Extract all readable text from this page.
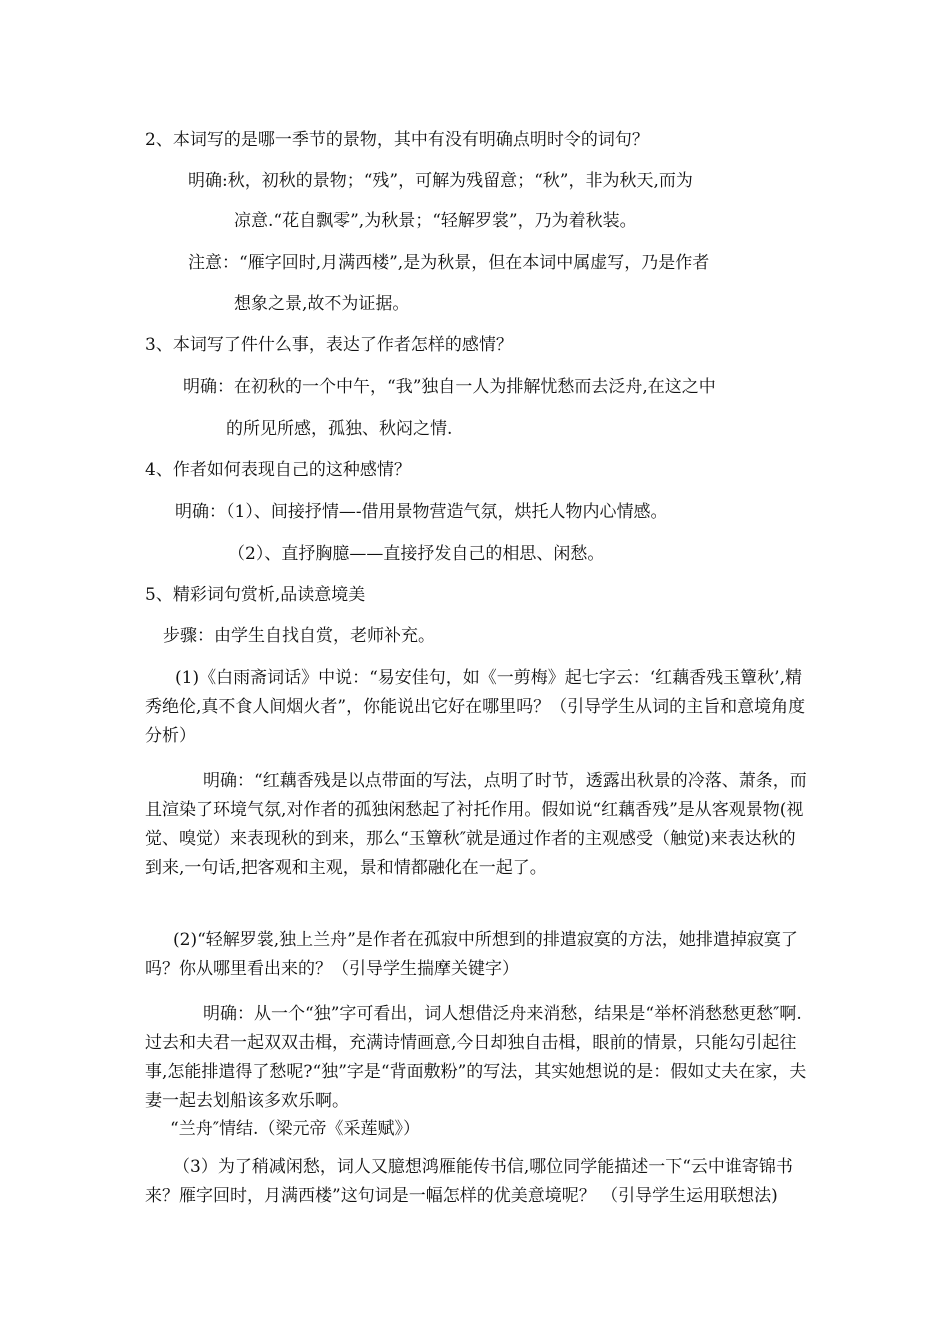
2、本词写的是哪一季节的景物，其中有没有明确点明时令的词句？
明确:秋，初秋的景物；“残”，可解为残留意；“秋”，非为秋天,而为
凉意.“花自飘零”,为秋景；“轻解罗裳”，乃为着秋装。
注意：“雁字回时,月满西楼”,是为秋景，但在本词中属虚写，乃是作者
想象之景,故不为证据。
3、本词写了件什么事，表达了作者怎样的感情？
明确：在初秋的一个中午，“我”独自一人为排解忧愁而去泛舟,在这之中
的所见所感，孤独、秋闷之情.
4、作者如何表现自己的这种感情？
明确：（1）、间接抒情—-借用景物营造气氛，烘托人物内心情感。
（2）、直抒胸臆——直接抒发自己的相思、闲愁。
5、精彩词句赏析,品读意境美
步骤：由学生自找自赏，老师补充。

(1)《白雨斋词话》中说：“易安佳句，如《一剪梅》起七字云：‘红藕香残玉簟秋’,精秀绝伦,真不食人间烟火者”，你能说出它好在哪里吗？（引导学生从词的主旨和意境角度分析）

明确：“红藕香残是以点带面的写法，点明了时节，透露出秋景的冷落、萧条，而且渲染了环境气氛,对作者的孤独闲愁起了衬托作用。假如说“红藕香残”是从客观景物(视觉、嗅觉）来表现秋的到来，那么“玉簟秋″就是通过作者的主观感受（触觉)来表达秋的到来,一句话,把客观和主观，景和情都融化在一起了。

(2)“轻解罗裳,独上兰舟”是作者在孤寂中所想到的排遣寂寞的方法，她排遣掉寂寞了吗？你从哪里看出来的？（引导学生揣摩关键字）

明确：从一个“独”字可看出，词人想借泛舟来消愁，结果是“举杯消愁愁更愁″啊.过去和夫君一起双双击楫，充满诗情画意,今日却独自击楫，眼前的情景，只能勾引起往事,怎能排遣得了愁呢?“独”字是“背面敷粉”的写法，其实她想说的是：假如丈夫在家，夫妻一起去划船该多欢乐啊。

“兰舟″情结.（梁元帝《采莲赋》）

（3）为了稍减闲愁，词人又臆想鸿雁能传书信,哪位同学能描述一下“云中谁寄锦书来？雁字回时，月满西楼”这句词是一幅怎样的优美意境呢？ （引导学生运用联想法)
